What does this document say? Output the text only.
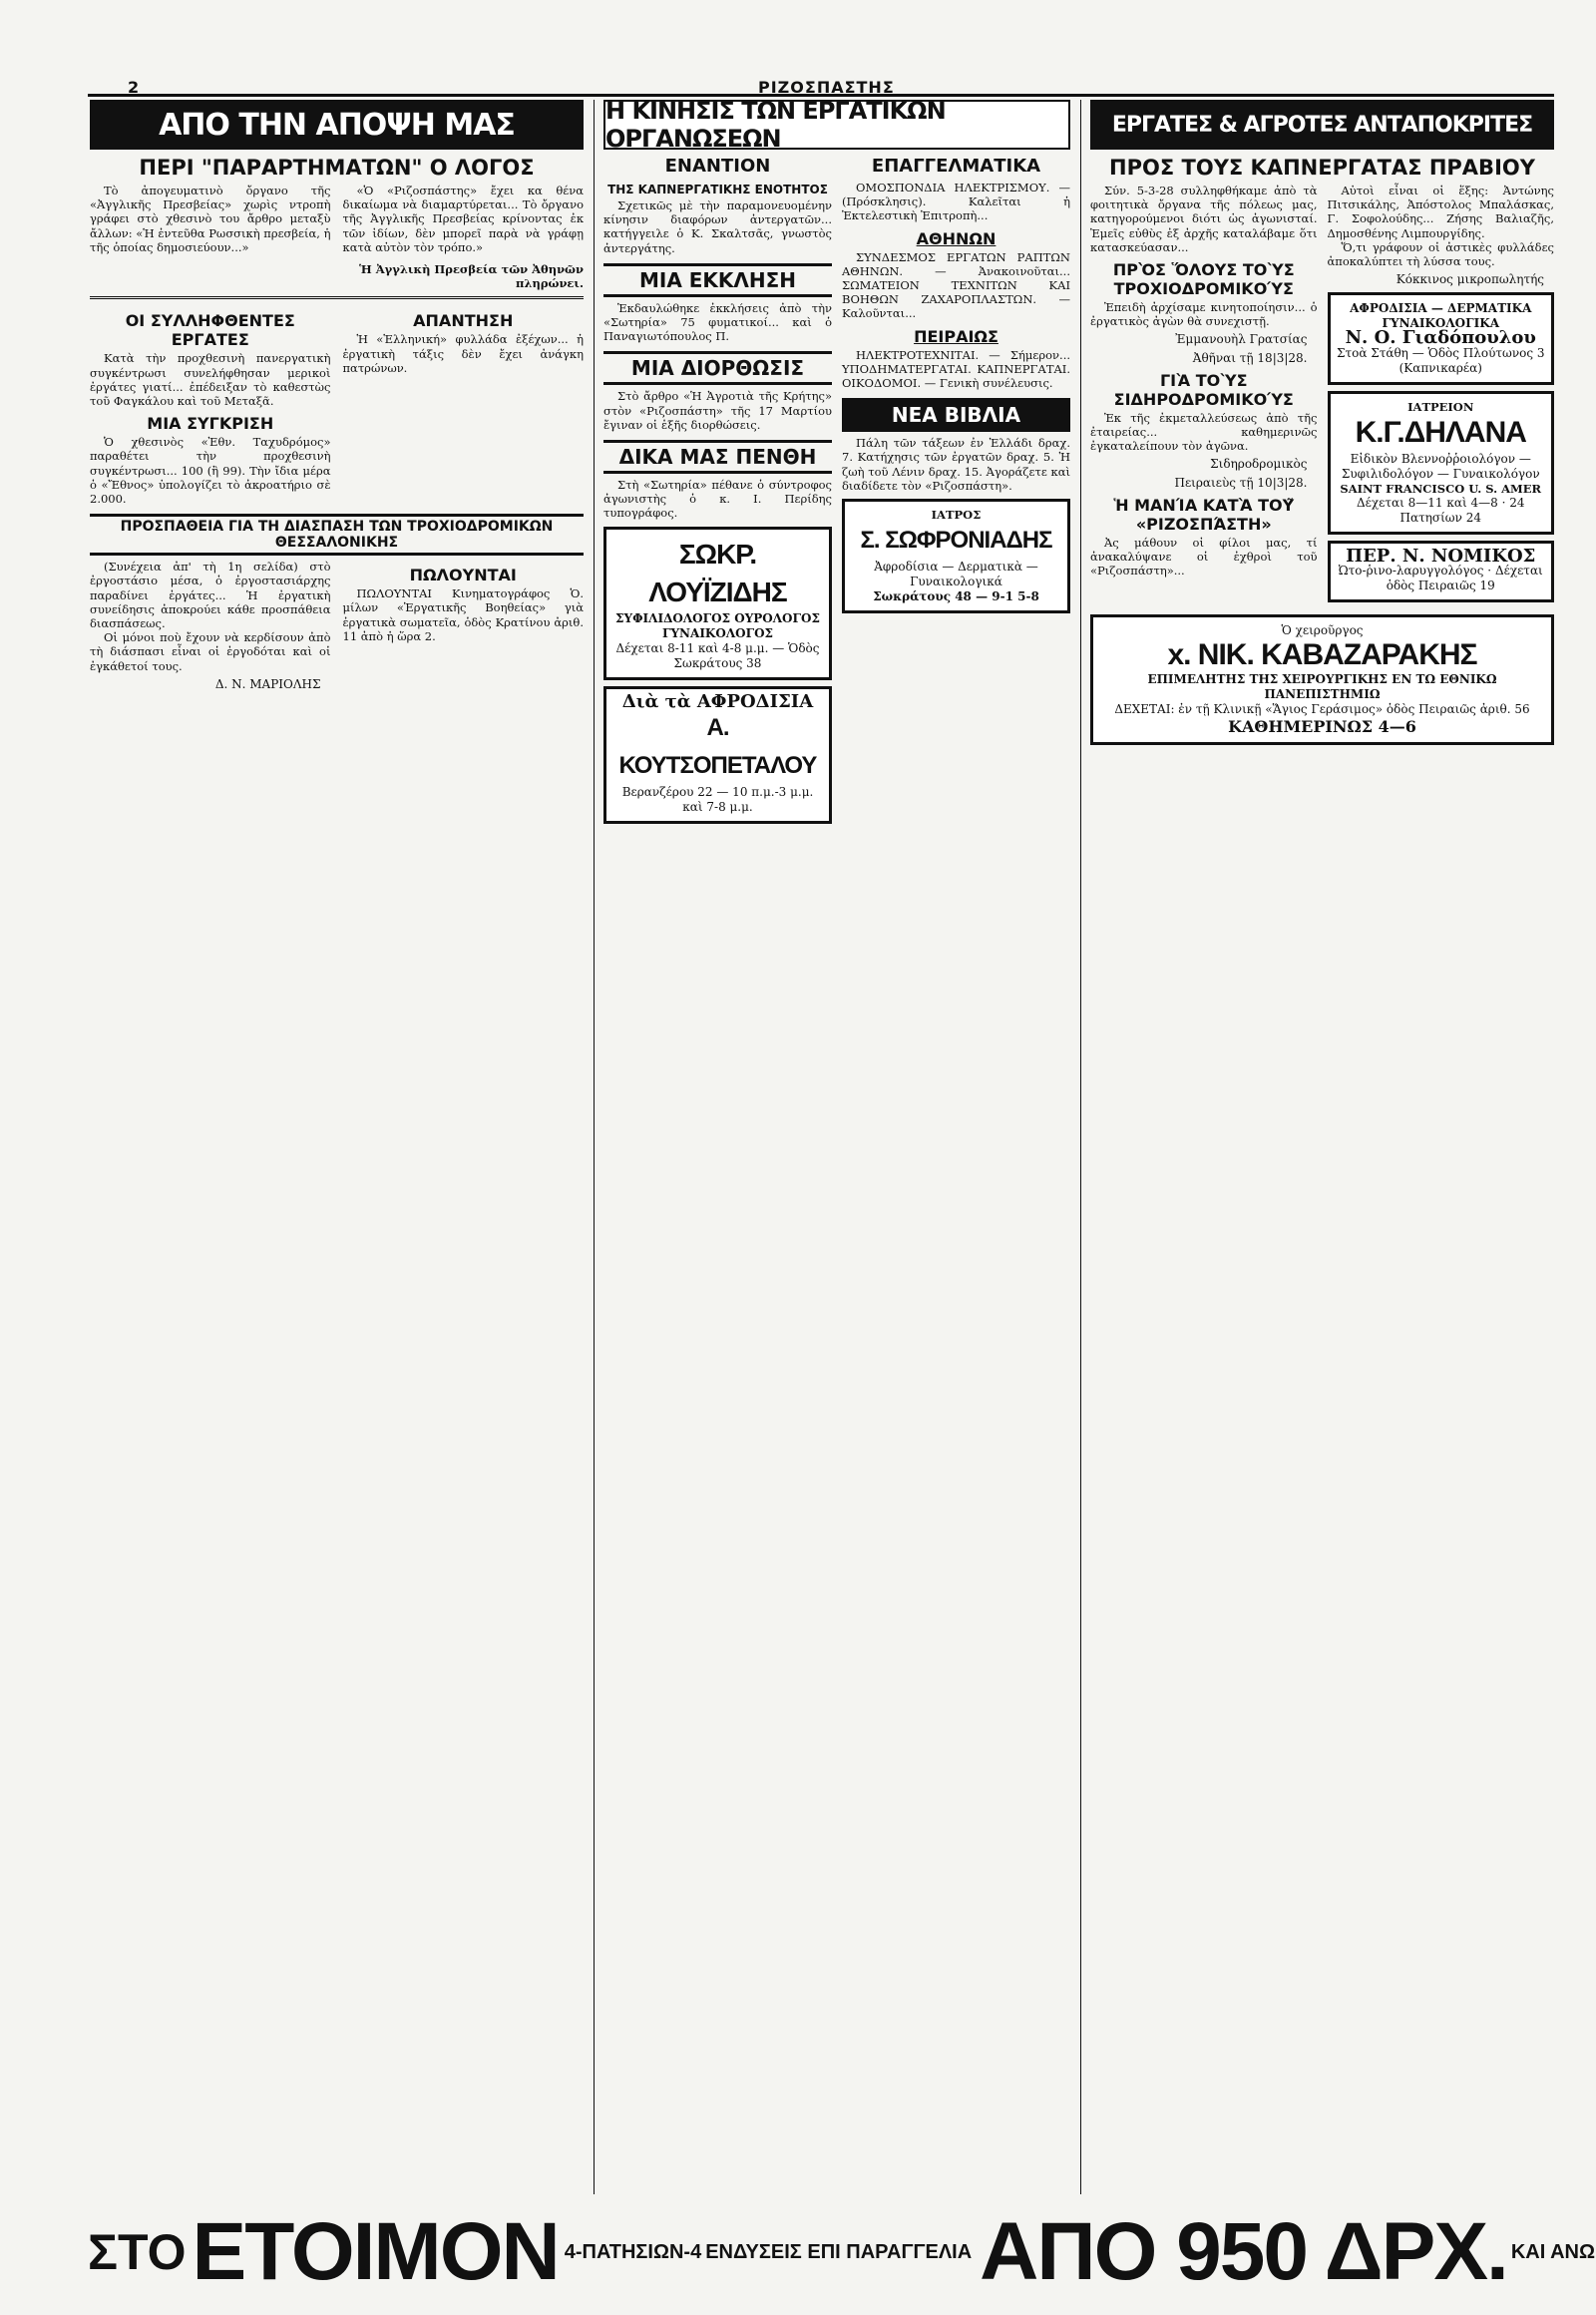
2	ΡΙΖΟΣΠΑΣΤΗΣ
ΑΠΟ ΤΗΝ ΑΠΟΨΗ ΜΑΣ
ΠΕΡΙ "ΠΑΡΑΡΤΗΜΑΤΩΝ" Ο ΛΟΓΟΣ

Τὸ ἀπογευματινὸ ὄργανο τῆς «Ἀγγλικῆς Πρεσβείας» χωρὶς ντροπὴ γράφει στὸ χθεσινὸ του ἄρθρο μεταξὺ ἄλλων: «Ἡ ἐντεῦθα Ρωσσικὴ πρεσβεία, ἡ τῆς ὁποίας δημοσιεύουν...»

«Ὁ «Ριζοσπάστης» ἔχει κα θένα δικαίωμα νὰ διαμαρτύρεται... Τὸ ὄργανο τῆς Ἀγγλικῆς Πρεσβείας κρίνοντας ἐκ τῶν ἰδίων, δὲν μπορεῖ παρὰ νὰ γράφῃ κατὰ αὐτὸν τὸν τρόπο.»

Ἡ Ἀγγλικὴ Πρεσβεία τῶν Ἀθηνῶν πληρώνει.

ΟΙ ΣΥΛΛΗΦΘΕΝΤΕΣ ΕΡΓΑΤΕΣ

Κατὰ τὴν προχθεσινὴ πανεργατικὴ συγκέντρωσι συνελήφθησαν μερικοὶ ἐργάτες γιατί... ἐπέδειξαν τὸ καθεστὼς τοῦ Φαγκάλου καὶ τοῦ Μεταξᾶ.

ΜΙΑ ΣΥΓΚΡΙΣΗ

Ὁ χθεσινὸς «Ἐθν. Ταχυδρόμος» παραθέτει τὴν προχθεσινὴ συγκέντρωσι... 100 (ἢ 99). Τὴν ἴδια μέρα ὁ «Ἔθνος» ὑπολογίζει τὸ ἀκροατήριο σὲ 2.000.

ΑΠΑΝΤΗΣΗ

Ἡ «Ἑλληνική» φυλλάδα ἐξέχων... ἡ ἐργατικὴ τάξις δὲν ἔχει ἀνάγκη πατρώνων.

ΠΡΟΣΠΑΘΕΙΑ ΓΙΑ ΤΗ ΔΙΑΣΠΑΣΗ ΤΩΝ ΤΡΟΧΙΟΔΡΟΜΙΚΩΝ ΘΕΣΣΑΛΟΝΙΚΗΣ

(Συνέχεια ἀπ' τὴ 1η σελίδα) στὸ ἐργοστάσιο μέσα, ὁ ἐργοστασιάρχης παραδίνει ἐργάτες... Ἡ ἐργατικὴ συνείδησις ἀποκρούει κάθε προσπάθεια διασπάσεως.

Οἱ μόνοι ποὺ ἔχουν νὰ κερδίσουν ἀπὸ τὴ διάσπασι εἶναι οἱ ἐργοδόται καὶ οἱ ἐγκάθετοί τους.

Δ. Ν. ΜΑΡΙΟΛΗΣ
ΠΩΛΟΥΝΤΑΙ

ΠΩΛΟΥΝΤΑΙ Κινηματογράφος Ὁ. μίλων «Ἐργατικῆς Βοηθείας» γιὰ ἐργατικὰ σωματεῖα, ὁδὸς Κρατίνου ἀριθ. 11 ἀπὸ ἡ ὥρα 2.

Η ΚΙΝΗΣΙΣ ΤΩΝ ΕΡΓΑΤΙΚΩΝ ΟΡΓΑΝΩΣΕΩΝ
ΕΝΑΝΤΙΟΝ
ΤΗΣ ΚΑΠΝΕΡΓΑΤΙΚΗΣ ΕΝΟΤΗΤΟΣ

Σχετικῶς μὲ τὴν παραμονευομένην κίνησιν διαφόρων ἀντεργατῶν... κατήγγειλε ὁ Κ. Σκαλτσᾶς, γνωστὸς ἀντεργάτης.

ΜΙΑ ΕΚΚΛΗΣΗ

Ἑκδαυλώθηκε ἐκκλήσεις ἀπὸ τὴν «Σωτηρία» 75 φυματικοί... καὶ ὁ Παναγιωτόπουλος Π.

ΜΙΑ ΔΙΟΡΘΩΣΙΣ

Στὸ ἄρθρο «Ἡ Ἀγροτιὰ τῆς Κρήτης» στὸν «Ριζοσπάστη» τῆς 17 Μαρτίου ἔγιναν οἱ ἑξῆς διορθώσεις.

ΔΙΚΑ ΜΑΣ ΠΕΝΘΗ

Στὴ «Σωτηρία» πέθανε ὁ σύντροφος ἀγωνιστὴς ὁ κ. Ι. Περίδης τυπογράφος.

ΣΩΚΡ. ΛΟΥΪΖΙΔΗΣ
ΣΥΦΙΛΙΔΟΛΟΓΟΣ ΟΥΡΟΛΟΓΟΣ ΓΥΝΑΙΚΟΛΟΓΟΣ
Δέχεται 8-11 καὶ 4-8 μ.μ. — Ὁδὸς Σωκράτους 38
Διὰ τὰ ΑΦΡΟΔΙΣΙΑ
Α. ΚΟΥΤΣΟΠΕΤΑΛΟΥ
Βερανζέρου 22 — 10 π.μ.-3 μ.μ. καὶ 7-8 μ.μ.
ΕΠΑΓΓΕΛΜΑΤΙΚΑ

ΟΜΟΣΠΟΝΔΙΑ ΗΛΕΚΤΡΙΣΜΟΥ. — (Πρόσκλησις). Καλεῖται ἡ Ἐκτελεστικὴ Ἐπιτροπὴ...

ΑΘΗΝΩΝ

ΣΥΝΔΕΣΜΟΣ ΕΡΓΑΤΩΝ ΡΑΠΤΩΝ ΑΘΗΝΩΝ. — Ἀνακοινοῦται... ΣΩΜΑΤΕΙΟΝ ΤΕΧΝΙΤΩΝ ΚΑΙ ΒΟΗΘΩΝ ΖΑΧΑΡΟΠΛΑΣΤΩΝ. — Καλοῦνται...

ΠΕΙΡΑΙΩΣ

ΗΛΕΚΤΡΟΤΕΧΝΙΤΑΙ. — Σήμερον... ΥΠΟΔΗΜΑΤΕΡΓΑΤΑΙ. ΚΑΠΝΕΡΓΑΤΑΙ. ΟΙΚΟΔΟΜΟΙ. — Γενικὴ συνέλευσις.

ΝΕΑ ΒΙΒΛΙΑ

Πάλη τῶν τάξεων ἐν Ἑλλάδι δραχ. 7. Κατήχησις τῶν ἐργατῶν δραχ. 5. Ἡ ζωὴ τοῦ Λένιν δραχ. 15. Ἀγοράζετε καὶ διαδίδετε τὸν «Ριζοσπάστη».

ΙΑΤΡΟΣ
Σ. ΣΩΦΡΟΝΙΑΔΗΣ
Ἀφροδίσια — Δερματικὰ — Γυναικολογικά
Σωκράτους 48 — 9-1 5-8
ΕΡΓΑΤΕΣ & ΑΓΡΟΤΕΣ ΑΝΤΑΠΟΚΡΙΤΕΣ
ΠΡΟΣ ΤΟΥΣ ΚΑΠΝΕΡΓΑΤΑΣ ΠΡΑΒΙΟΥ

Σύν. 5-3-28 συλληφθήκαμε ἀπὸ τὰ φοιτητικὰ ὄργανα τῆς πόλεως μας, κατηγορούμενοι διότι ὡς ἀγωνισταί. Ἐμεῖς εὐθὺς ἐξ ἀρχῆς καταλάβαμε ὅτι κατασκεύασαν...

ΠΡῸΣ ὍΛΟΥΣ ΤΟῪΣ ΤΡΟΧΙΟΔΡΟΜΙΚΟΎΣ

Ἐπειδὴ ἀρχίσαμε κινητοποίησιν... ὁ ἐργατικὸς ἀγὼν θὰ συνεχιστῇ.

Ἐμμανουὴλ Γρατσίας
Ἀθῆναι τῇ 18|3|28.
ΓΙᾺ ΤΟῪΣ ΣΙΔΗΡΟΔΡΟΜΙΚΟΎΣ

Ἐκ τῆς ἐκμεταλλεύσεως ἀπὸ τῆς ἐταιρείας... καθημερινῶς ἐγκαταλείπουν τὸν ἀγῶνα.

Σιδηροδρομικὸς
Πειραιεὺς τῇ 10|3|28.
Ἡ ΜΑΝΊΑ ΚΑΤᾺ ΤΟΥ͂ «ΡΙΖΟΣΠΆΣΤΗ»

Ἀς μάθουν οἱ φίλοι μας, τί ἀνακαλύψανε οἱ ἐχθροὶ τοῦ «Ριζοσπάστη»...

Αὐτοὶ εἶναι οἱ ἕξης: Ἀντώνης Πιτσικάλης, Ἀπόστολος Μπαλάσκας, Γ. Σοφολούδης... Ζήσης Βαλιαζῆς, Δημοσθένης Λιμπουργίδης.

Ὅ,τι γράφουν οἱ ἀστικὲς φυλλάδες ἀποκαλύπτει τὴ λύσσα τους.

Κόκκινος μικροπωλητής
ΑΦΡΟΔΙΣΙΑ — ΔΕΡΜΑΤΙΚΑ ΓΥΝΑΙΚΟΛΟΓΙΚΑ
Ν. Ο. Γιαδόπουλου
Στοὰ Στάθη — Ὁδὸς Πλούτωνος 3 (Καπνικαρέα)
ΙΑΤΡΕΙΟΝ
Κ.Γ.ΔΗΛΑΝΑ
Εἰδικὸν Βλεννοῤῥοιολόγον — Συφιλιδολόγον — Γυναικολόγον
SAINT FRANCISCO U. S. AMER
Δέχεται 8—11 καὶ 4—8 · 24 Πατησίων 24
ΠΕΡ. Ν. ΝΟΜΙΚΟΣ
Ὠτο-ῥινο-λαρυγγολόγος · Δέχεται ὁδὸς Πειραιῶς 19
Ὁ χειροῦργος
x. ΝΙΚ. ΚΑΒΑΖΑΡΑΚΗΣ
ΕΠΙΜΕΛΗΤΗΣ ΤΗΣ ΧΕΙΡΟΥΡΓΙΚΗΣ ΕΝ ΤΩ ΕΘΝΙΚΩ ΠΑΝΕΠΙΣΤΗΜΙΩ
ΔΕΧΕΤΑΙ: ἐν τῇ Κλινικῇ «Ἅγιος Γεράσιμος» ὁδὸς Πειραιῶς ἀριθ. 56
ΚΑΘΗΜΕΡΙΝΩΣ 4—6
ΣΤΟ ΕΤΟΙΜΟΝ 4-ΠΑΤΗΣΙΩΝ-4 ΕΝΔΥΣΕΙΣ ΕΠΙ ΠΑΡΑΓΓΕΛΙΑ ΑΠΟ 950 ΔΡΧ. ΚΑΙ ΑΝΩ
